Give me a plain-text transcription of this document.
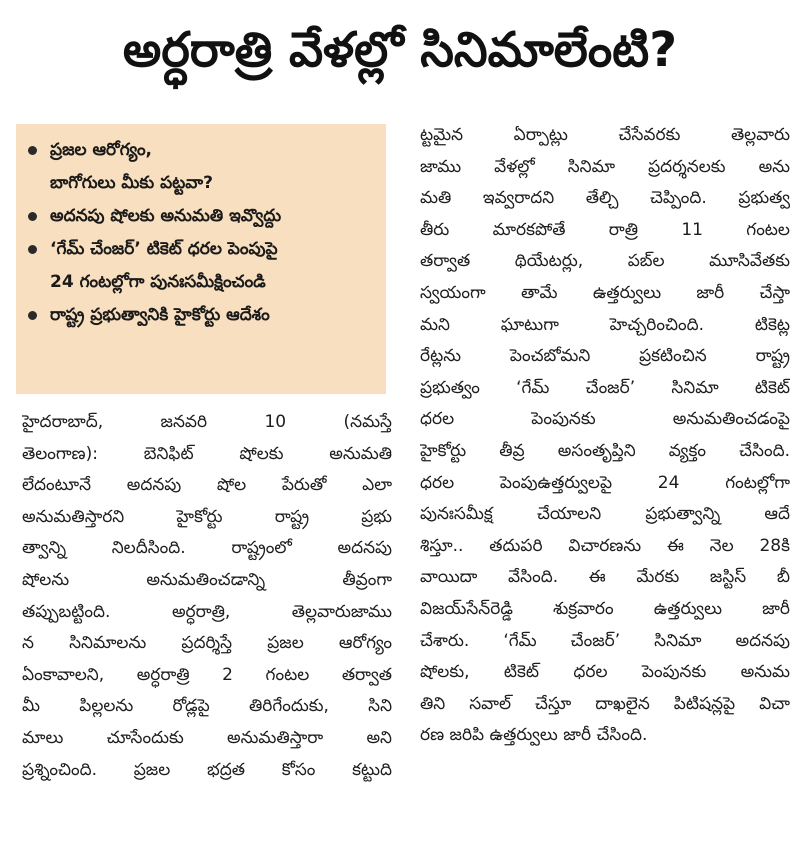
అర్ధరాత్రి వేళల్లో సినిమాలేంటి?
ప్రజల ఆరోగ్యం,
బాగోగులు మీకు పట్టవా?
అదనపు షోలకు అనుమతి ఇవ్వొద్దు
‘గేమ్ చేంజర్’ టికెట్ ధరల పెంపుపై
24 గంటల్లోగా పునఃసమీక్షించండి
రాష్ట్ర ప్రభుత్వానికి హైకోర్టు ఆదేశం
హైదరాబాద్, జనవరి 10 (నమస్తే
తెలంగాణ): బెనిఫిట్ షోలకు అనుమతి
లేదంటూనే అదనపు షోల పేరుతో ఎలా
అనుమతిస్తారని హైకోర్టు రాష్ట్ర ప్రభు
త్వాన్ని నిలదీసింది. రాష్ట్రంలో అదనపు
షోలను అనుమతించడాన్ని తీవ్రంగా
తప్పుబట్టింది. అర్ధరాత్రి, తెల్లవారుజాము
న సినిమాలను ప్రదర్శిస్తే ప్రజల ఆరోగ్యం
ఏంకావాలని, అర్ధరాత్రి 2 గంటల తర్వాత
మీ పిల్లలను రోడ్లపై తిరిగేందుకు, సిని
మాలు చూసేందుకు అనుమతిస్తారా అని
ప్రశ్నించింది. ప్రజల భద్రత కోసం కట్టుది
ట్టమైన ఏర్పాట్లు చేసేవరకు తెల్లవారు
జాము వేళల్లో సినిమా ప్రదర్శనలకు అను
మతి ఇవ్వరాదని తేల్చి చెప్పింది. ప్రభుత్వ
తీరు మారకపోతే రాత్రి 11 గంటల
తర్వాత థియేటర్లు, పబ్‌ల మూసివేతకు
స్వయంగా తామే ఉత్తర్వులు జారీ చేస్తా
మని ఘాటుగా హెచ్చరించింది. టికెట్ల
రేట్లను పెంచబోమని ప్రకటించిన రాష్ట్ర
ప్రభుత్వం ‘గేమ్ చేంజర్’ సినిమా టికెట్
ధరల పెంపునకు అనుమతించడంపై
హైకోర్టు తీవ్ర అసంతృప్తిని వ్యక్తం చేసింది.
ధరల పెంపుఉత్తర్వులపై 24 గంటల్లోగా
పునఃసమీక్ష చేయాలని ప్రభుత్వాన్ని ఆదే
శిస్తూ.. తదుపరి విచారణను ఈ నెల 28కి
వాయిదా వేసింది. ఈ మేరకు జస్టిస్ బీ
విజయ్‌సేన్‌రెడ్డి శుక్రవారం ఉత్తర్వులు జారీ
చేశారు. ‘గేమ్ చేంజర్’ సినిమా అదనపు
షోలకు, టికెట్ ధరల పెంపునకు అనుమ
తిని సవాల్ చేస్తూ దాఖలైన పిటిషన్లపై విచా
రణ జరిపి ఉత్తర్వులు జారీ చేసింది.
